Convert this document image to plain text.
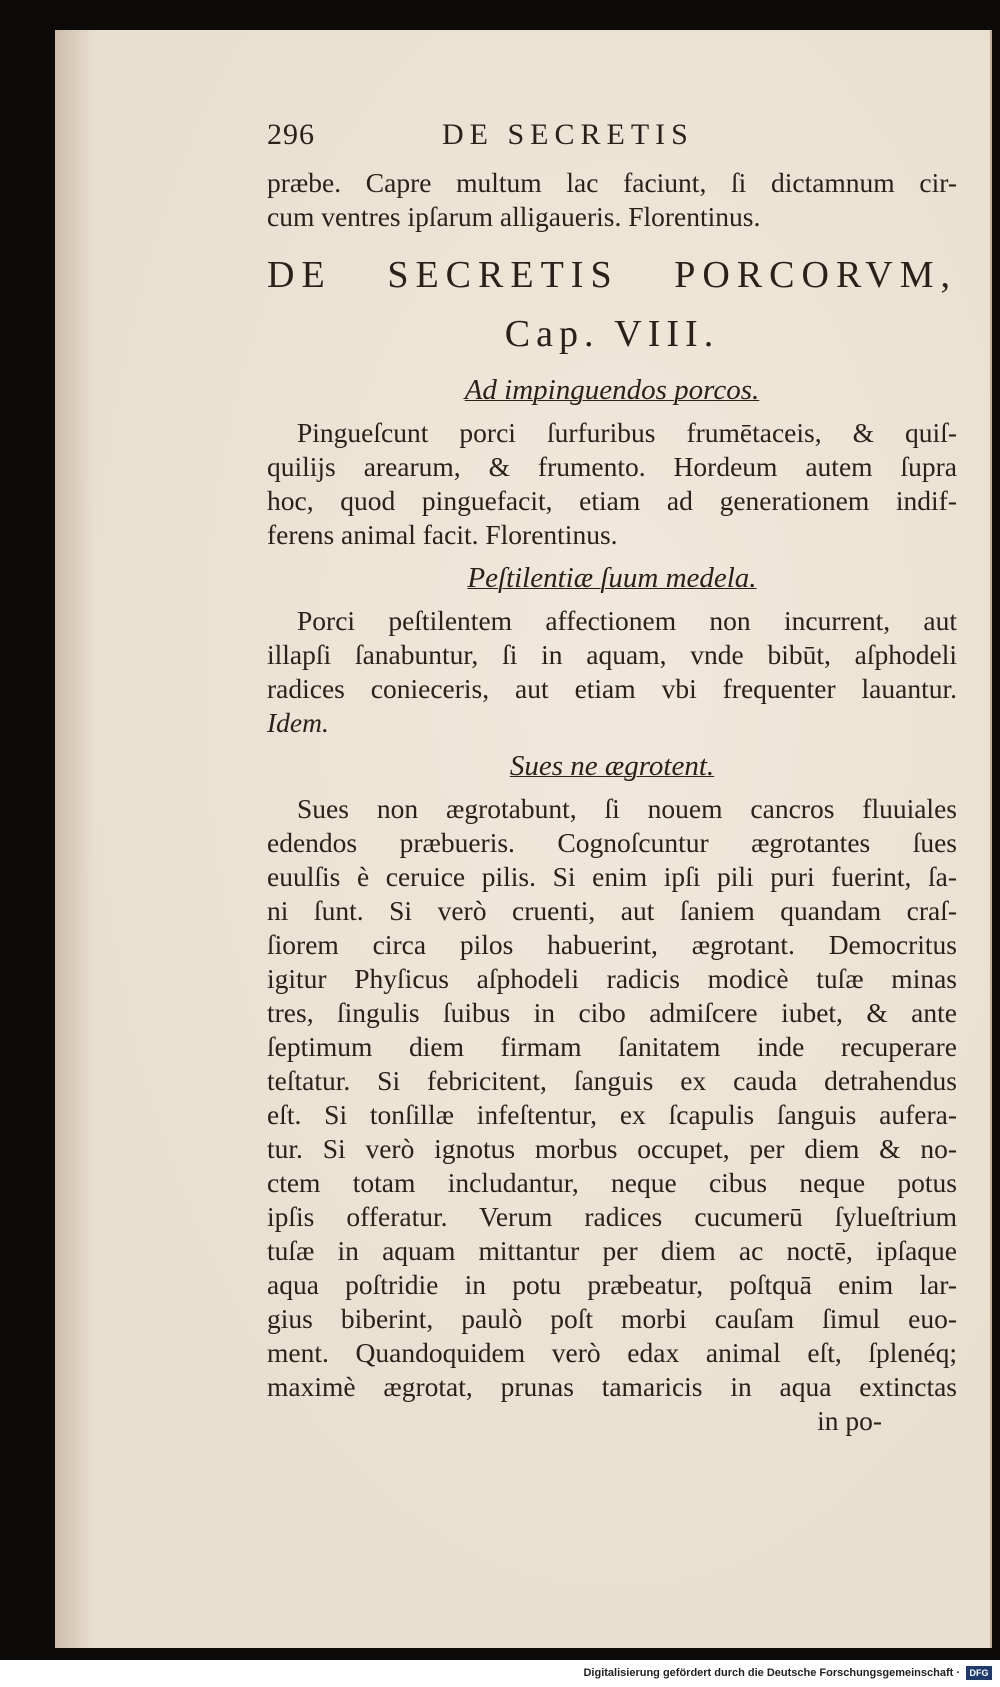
296	DE SECRETIS
præbe. Capre multum lac faciunt, ſi dictamnum cir-
cum ventres ipſarum alligaueris. Florentinus.
DE SECRETIS PORCORVM,
Cap. VIII.
Ad impinguendos porcos.
Pingueſcunt porci ſurfuribus frumētaceis, & quiſ-
quilijs arearum, & frumento. Hordeum autem ſupra
hoc, quod pinguefacit, etiam ad generationem indif-
ferens animal facit. Florentinus.
Peſtilentiæ ſuum medela.
Porci peſtilentem affectionem non incurrent, aut
illapſi ſanabuntur, ſi in aquam, vnde bibūt, aſphodeli
radices conieceris, aut etiam vbi frequenter lauantur.
Idem.
Sues ne ægrotent.
Sues non ægrotabunt, ſi nouem cancros fluuiales
edendos præbueris. Cognoſcuntur ægrotantes ſues
euulſis è ceruice pilis. Si enim ipſi pili puri fuerint, ſa-
ni ſunt. Si verò cruenti, aut ſaniem quandam craſ-
ſiorem circa pilos habuerint, ægrotant. Democritus
igitur Phyſicus aſphodeli radicis modicè tuſæ minas
tres, ſingulis ſuibus in cibo admiſcere iubet, & ante
ſeptimum diem firmam ſanitatem inde recuperare
teſtatur. Si febricitent, ſanguis ex cauda detrahendus
eſt. Si tonſillæ infeſtentur, ex ſcapulis ſanguis aufera-
tur. Si verò ignotus morbus occupet, per diem & no-
ctem totam includantur, neque cibus neque potus
ipſis offeratur. Verum radices cucumerū ſylueſtrium
tuſæ in aquam mittantur per diem ac noctē, ipſaque
aqua poſtridie in potu præbeatur, poſtquā enim lar-
gius biberint, paulò poſt morbi cauſam ſimul euo-
ment. Quandoquidem verò edax animal eſt, ſplenéq;
maximè ægrotat, prunas tamaricis in aqua extinctas
in po-
Digitalisierung gefördert durch die Deutsche Forschungsgemeinschaft · DFG
